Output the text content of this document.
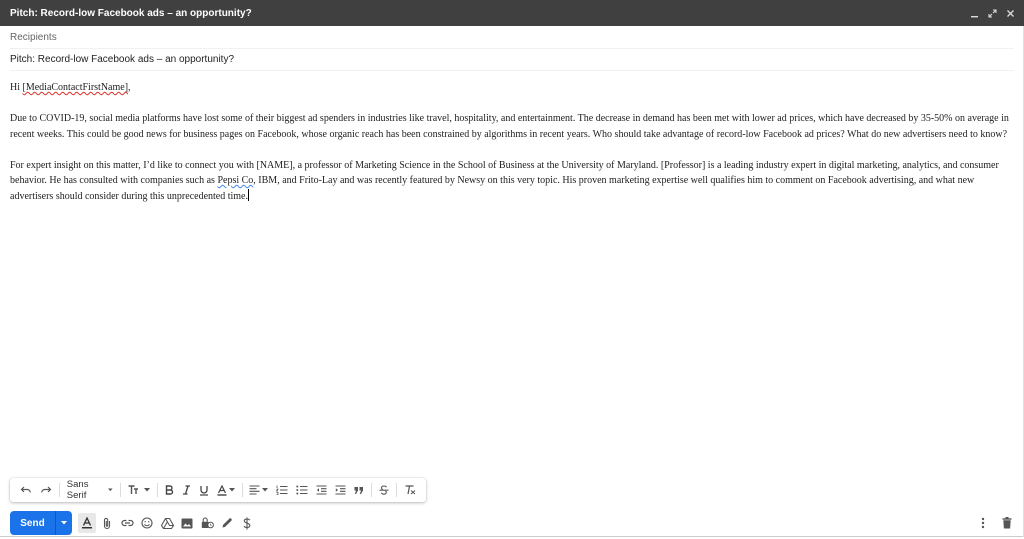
Pitch: Record-low Facebook ads – an opportunity?
Recipients
Pitch: Record-low Facebook ads – an opportunity?

Hi [MediaContactFirstName],

Due to COVID-19, social media platforms have lost some of their biggest ad spenders in industries like travel, hospitality, and entertainment. The decrease in demand has been met with lower ad prices, which have decreased by 35-50% on average in recent weeks. This could be good news for business pages on Facebook, whose organic reach has been constrained by algorithms in recent years. Who should take advantage of record-low Facebook ad prices? What do new advertisers need to know?

For expert insight on this matter, I’d like to connect you with [NAME], a professor of Marketing Science in the School of Business at the University of Maryland. [Professor] is a leading industry expert in digital marketing, analytics, and consumer behavior. He has consulted with companies such as Pepsi Co, IBM, and Frito-Lay and was recently featured by Newsy on this very topic. His proven marketing expertise well qualifies him to comment on Facebook advertising, and what new advertisers should consider during this unprecedented time.

Sans Serif
Send
